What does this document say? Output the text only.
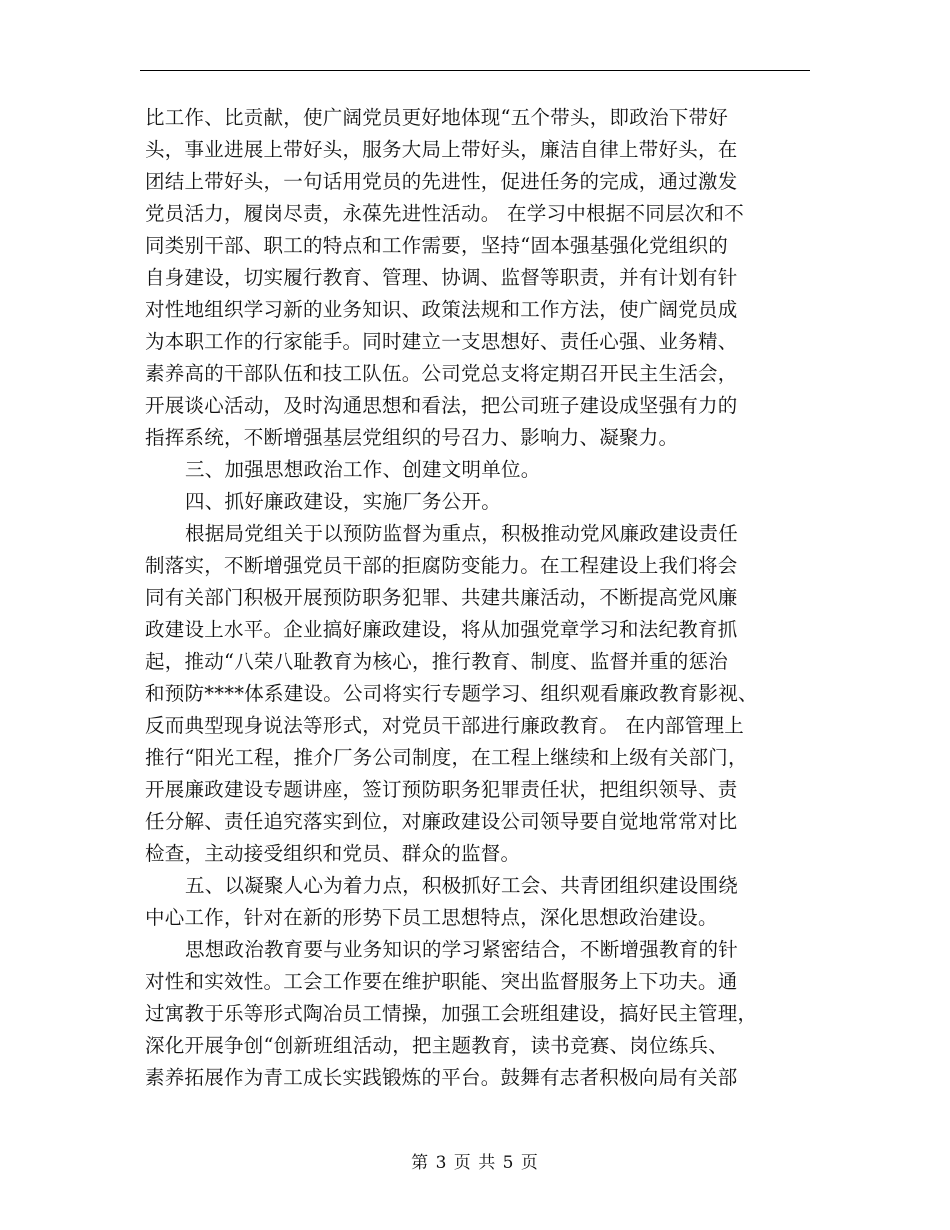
比工作、比贡献，使广阔党员更好地体现“五个带头，即政治下带好
头，事业进展上带好头，服务大局上带好头，廉洁自律上带好头，在
团结上带好头，一句话用党员的先进性，促进任务的完成，通过激发
党员活力，履岗尽责，永葆先进性活动。 在学习中根据不同层次和不
同类别干部、职工的特点和工作需要，坚持“固本强基强化党组织的
自身建设，切实履行教育、管理、协调、监督等职责，并有计划有针
对性地组织学习新的业务知识、政策法规和工作方法，使广阔党员成
为本职工作的行家能手。同时建立一支思想好、责任心强、业务精、
素养高的干部队伍和技工队伍。公司党总支将定期召开民主生活会，
开展谈心活动，及时沟通思想和看法，把公司班子建设成坚强有力的
指挥系统，不断增强基层党组织的号召力、影响力、凝聚力。
三、加强思想政治工作、创建文明单位。
四、抓好廉政建设，实施厂务公开。
根据局党组关于以预防监督为重点，积极推动党风廉政建设责任
制落实，不断增强党员干部的拒腐防变能力。在工程建设上我们将会
同有关部门积极开展预防职务犯罪、共建共廉活动，不断提高党风廉
政建设上水平。企业搞好廉政建设，将从加强党章学习和法纪教育抓
起，推动“八荣八耻教育为核心，推行教育、制度、监督并重的惩治
和预防****体系建设。公司将实行专题学习、组织观看廉政教育影视、
反而典型现身说法等形式，对党员干部进行廉政教育。 在内部管理上
推行“阳光工程，推介厂务公司制度，在工程上继续和上级有关部门，
开展廉政建设专题讲座，签订预防职务犯罪责任状，把组织领导、责
任分解、责任追究落实到位，对廉政建设公司领导要自觉地常常对比
检查，主动接受组织和党员、群众的监督。
五、以凝聚人心为着力点，积极抓好工会、共青团组织建设围绕
中心工作，针对在新的形势下员工思想特点，深化思想政治建设。
思想政治教育要与业务知识的学习紧密结合，不断增强教育的针
对性和实效性。工会工作要在维护职能、突出监督服务上下功夫。通
过寓教于乐等形式陶冶员工情操，加强工会班组建设，搞好民主管理，
深化开展争创“创新班组活动，把主题教育，读书竞赛、岗位练兵、
素养拓展作为青工成长实践锻炼的平台。鼓舞有志者积极向局有关部
第 3 页 共 5 页
